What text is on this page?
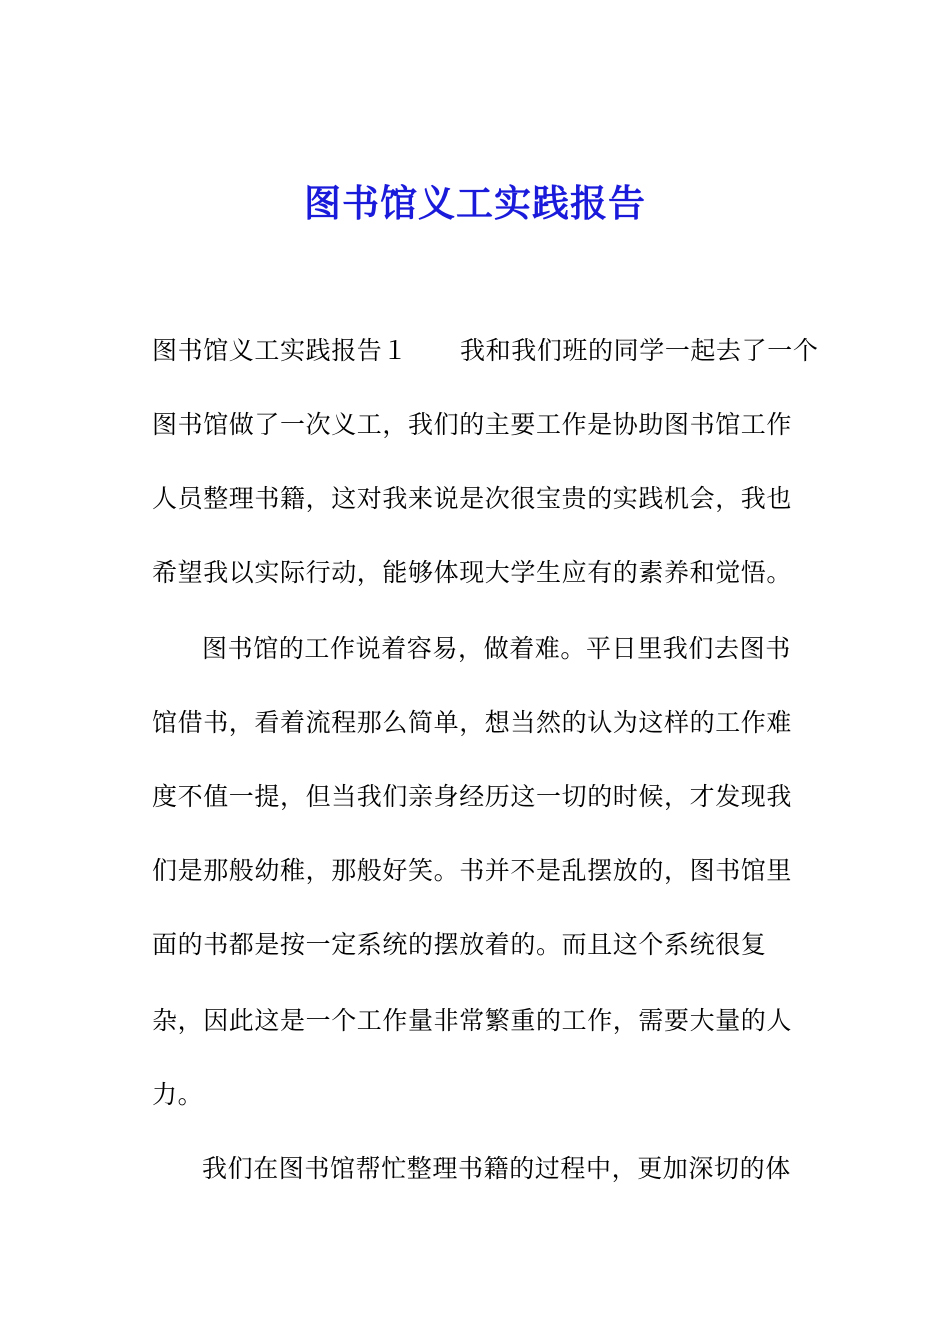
图书馆义工实践报告
图书馆义工实践报告１ 我和我们班的同学一起去了一个
图书馆做了一次义工，我们的主要工作是协助图书馆工作
人员整理书籍，这对我来说是次很宝贵的实践机会，我也
希望我以实际行动，能够体现大学生应有的素养和觉悟。
图书馆的工作说着容易，做着难。平日里我们去图书
馆借书，看着流程那么简单，想当然的认为这样的工作难
度不值一提，但当我们亲身经历这一切的时候，才发现我
们是那般幼稚，那般好笑。书并不是乱摆放的，图书馆里
面的书都是按一定系统的摆放着的。而且这个系统很复
杂，因此这是一个工作量非常繁重的工作，需要大量的人
力。
我们在图书馆帮忙整理书籍的过程中，更加深切的体
